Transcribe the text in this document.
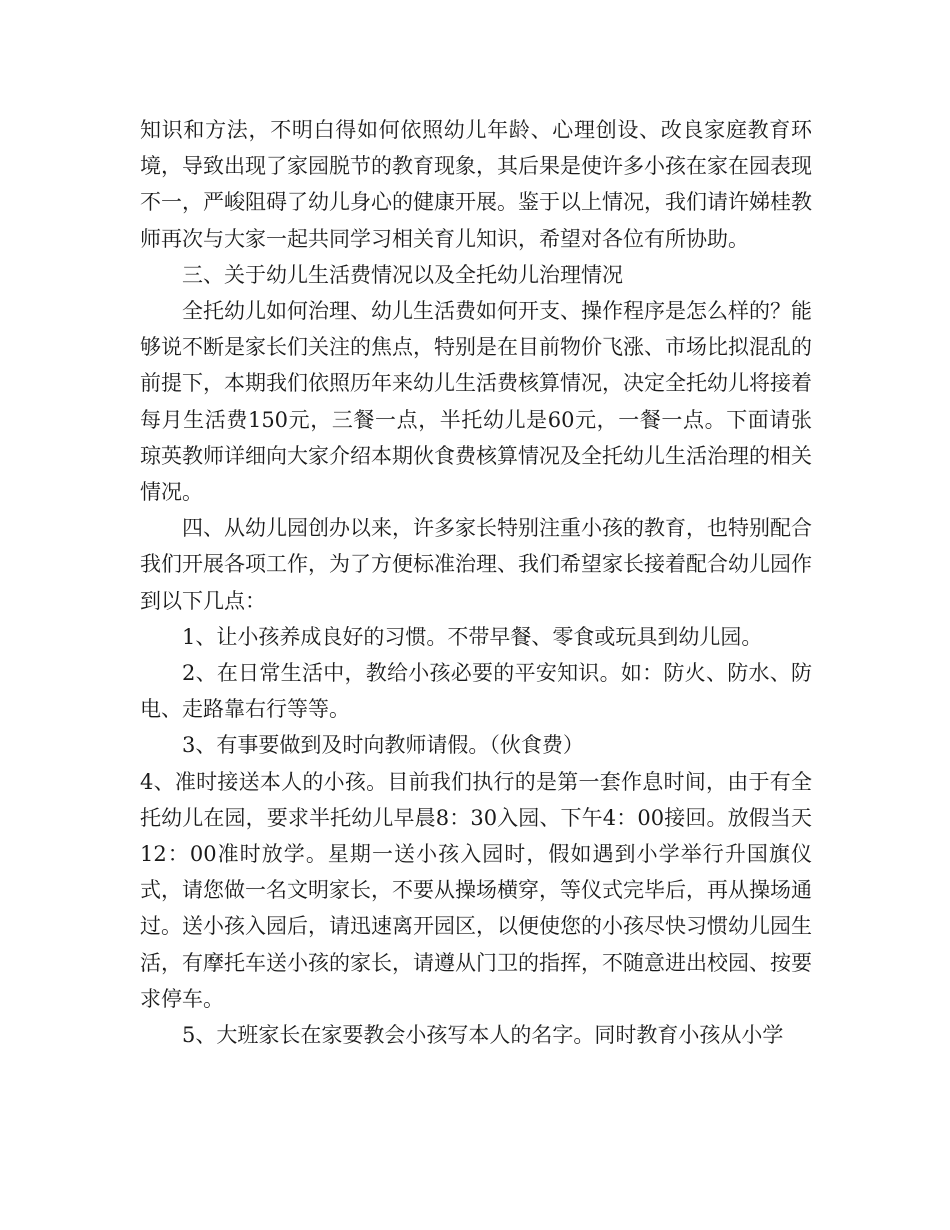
知识和方法，不明白得如何依照幼儿年龄、心理创设、改良家庭教育环境，导致出现了家园脱节的教育现象，其后果是使许多小孩在家在园表现不一，严峻阻碍了幼儿身心的健康开展。鉴于以上情况，我们请许娣桂教师再次与大家一起共同学习相关育儿知识，希望对各位有所协助。

三、关于幼儿生活费情况以及全托幼儿治理情况

全托幼儿如何治理、幼儿生活费如何开支、操作程序是怎么样的？能够说不断是家长们关注的焦点，特别是在目前物价飞涨、市场比拟混乱的前提下，本期我们依照历年来幼儿生活费核算情况，决定全托幼儿将接着每月生活费150元，三餐一点，半托幼儿是60元，一餐一点。下面请张琼英教师详细向大家介绍本期伙食费核算情况及全托幼儿生活治理的相关情况。

四、从幼儿园创办以来，许多家长特别注重小孩的教育，也特别配合我们开展各项工作，为了方便标准治理、我们希望家长接着配合幼儿园作到以下几点：

1、让小孩养成良好的习惯。不带早餐、零食或玩具到幼儿园。

2、在日常生活中，教给小孩必要的平安知识。如：防火、防水、防电、走路靠右行等等。

3、有事要做到及时向教师请假。（伙食费）

4、准时接送本人的小孩。目前我们执行的是第一套作息时间，由于有全托幼儿在园，要求半托幼儿早晨8：30入园、下午4：00接回。放假当天12：00准时放学。星期一送小孩入园时，假如遇到小学举行升国旗仪式，请您做一名文明家长，不要从操场横穿，等仪式完毕后，再从操场通过。送小孩入园后，请迅速离开园区，以便使您的小孩尽快习惯幼儿园生活，有摩托车送小孩的家长，请遵从门卫的指挥，不随意进出校园、按要求停车。

5、大班家长在家要教会小孩写本人的名字。同时教育小孩从小学
